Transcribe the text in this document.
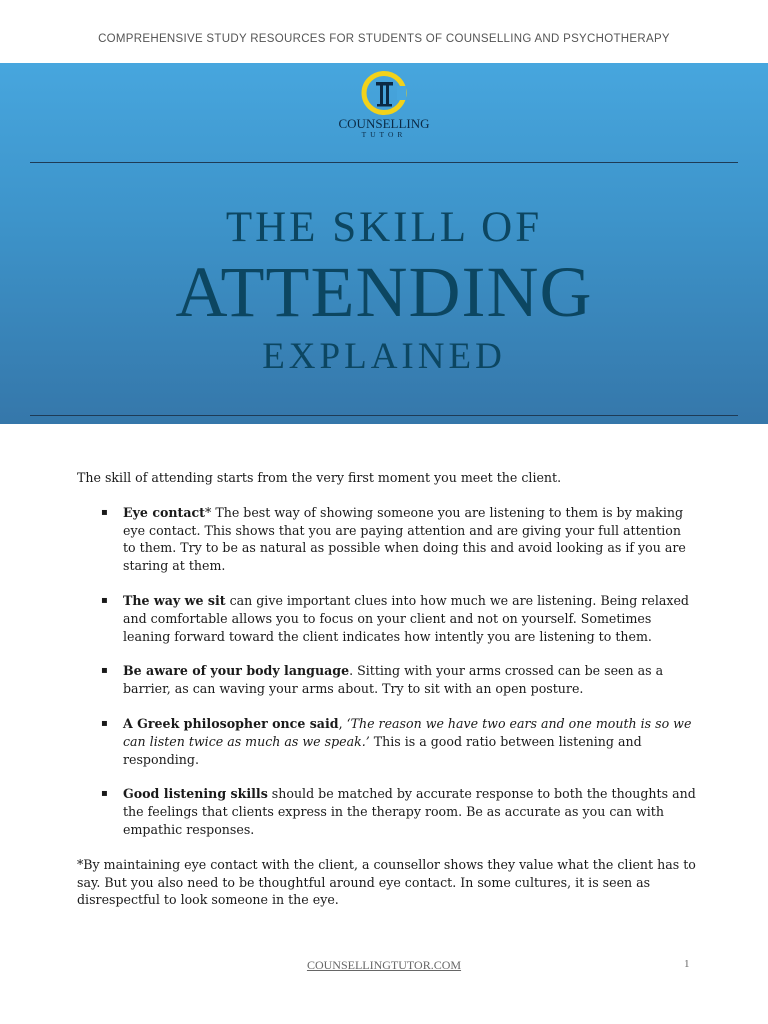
COMPREHENSIVE STUDY RESOURCES FOR STUDENTS OF COUNSELLING AND PSYCHOTHERAPY
COUNSELLING
TUTOR
THE SKILL OF
ATTENDING
EXPLAINED

The skill of attending starts from the very first moment you meet the client.

▪ Eye contact* The best way of showing someone you are listening to them is by making eye contact. This shows that you are paying attention and are giving your full attention to them. Try to be as natural as possible when doing this and avoid looking as if you are staring at them.
▪ The way we sit can give important clues into how much we are listening. Being relaxed and comfortable allows you to focus on your client and not on yourself. Sometimes leaning forward toward the client indicates how intently you are listening to them.
▪ Be aware of your body language. Sitting with your arms crossed can be seen as a barrier, as can waving your arms about. Try to sit with an open posture.
▪ A Greek philosopher once said, ‘The reason we have two ears and one mouth is so we can listen twice as much as we speak.’ This is a good ratio between listening and responding.
▪ Good listening skills should be matched by accurate response to both the thoughts and the feelings that clients express in the therapy room. Be as accurate as you can with empathic responses.

*By maintaining eye contact with the client, a counsellor shows they value what the client has to say. But you also need to be thoughtful around eye contact. In some cultures, it is seen as disrespectful to look someone in the eye.

COUNSELLINGTUTOR.COM	1
